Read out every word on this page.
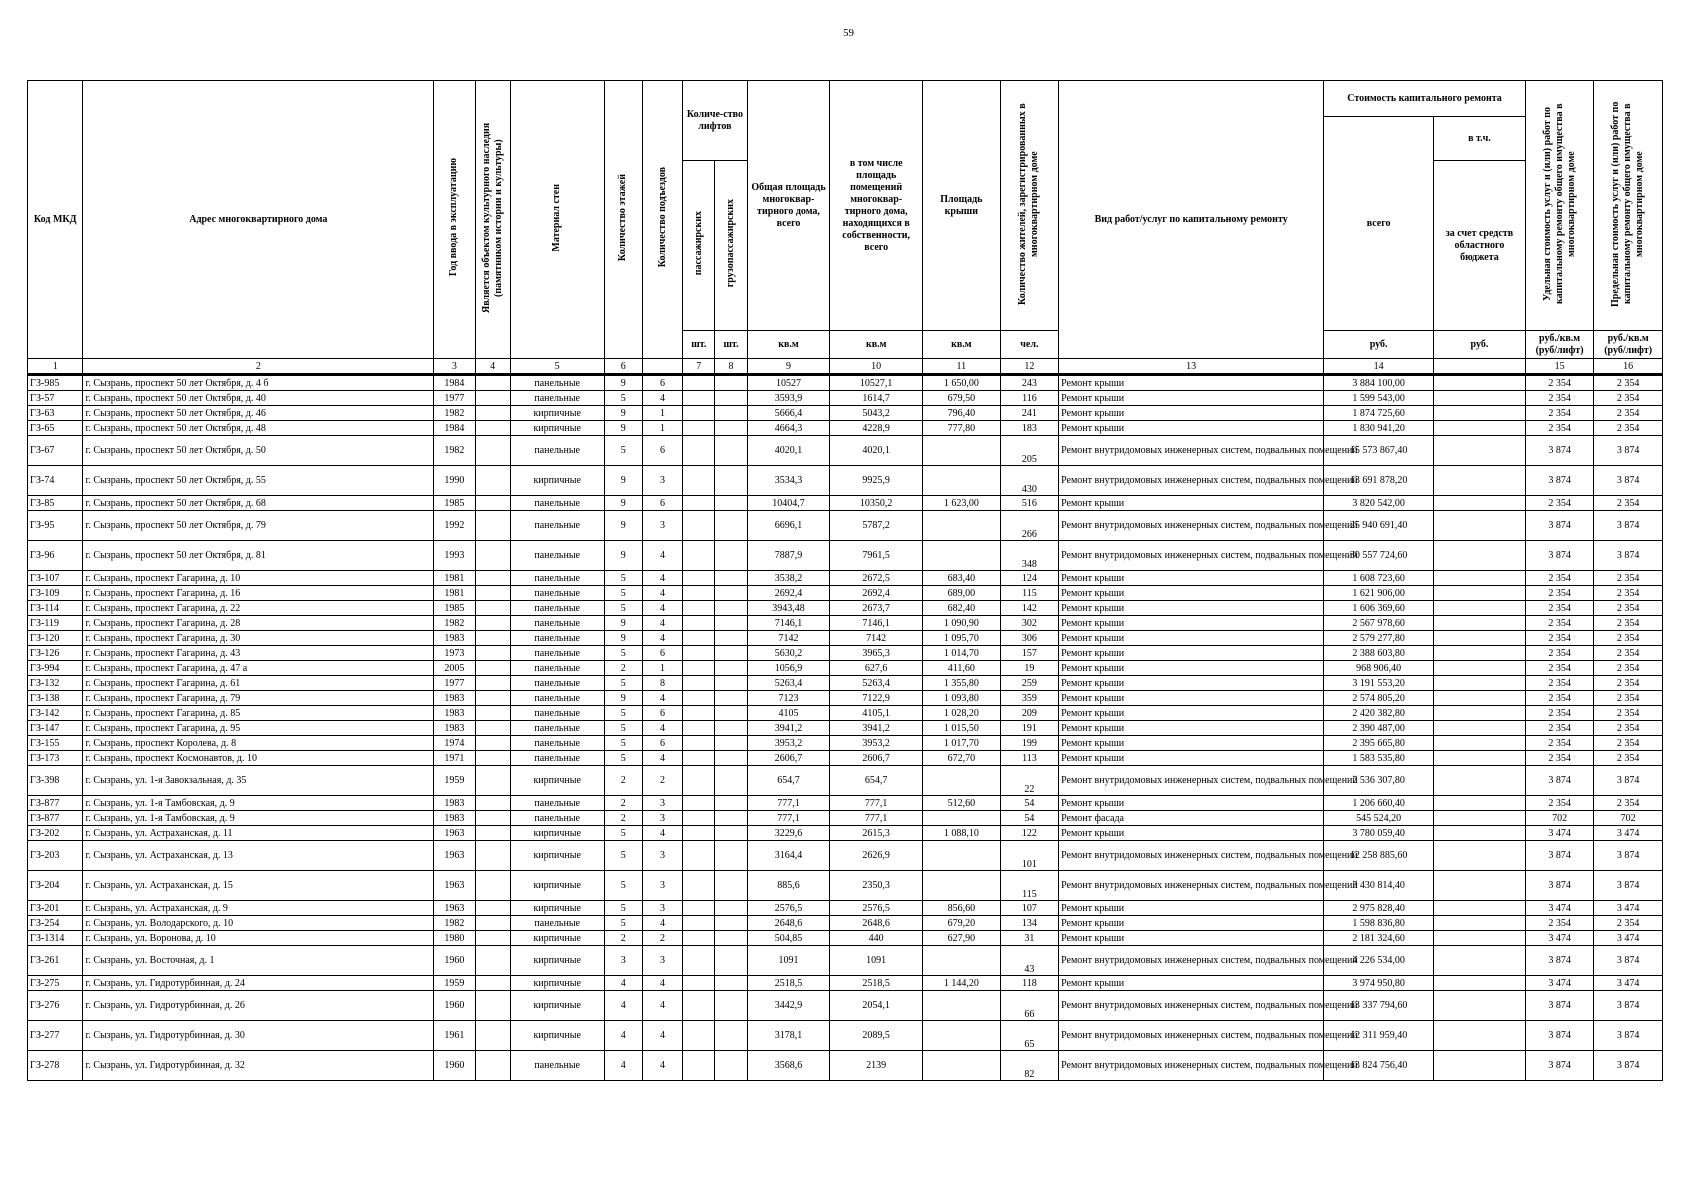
59
Код МКД	Адрес многоквартирного дома	Год ввода в эксплуатацию	Является объектом культурного наследия (памятником истории и культуры)	Материал стен	Количество этажей	Количество подъездов	Количе-ство лифтов		Общая площадь многоквар-тирного дома, всего	в том числе площадь помещений многоквар-тирного дома, находящихся в собственности, всего	Площадь крыши	Количество жителей, зарегистрированных в многоквартирном доме	Вид работ/услуг по капитальному ремонту	Стоимость капитального ремонта		Удельная стоимость услуг и (или) работ по капитальному ремонту общего имущества в многоквартирном доме	Предельная стоимость услуг и (или) работ по капитальному ремонту общего имущества в многоквартирном доме
														всего	в т.ч.		
							пассажирских	грузопассажирских							за счет средств областного бюджета		
							шт.	шт.	кв.м	кв.м	кв.м	чел.		руб.	руб.	руб./кв.м (руб/лифт)	руб./кв.м (руб/лифт)
1	2	3	4	5	6		7	8	9	10	11	12	13	14		15	16
ГЗ-985	г. Сызрань, проспект 50 лет Октября, д. 4 б	1984		панельные	9	6			10527	10527,1	1 650,00	243	Ремонт крыши	3 884 100,00		2 354	2 354
ГЗ-57	г. Сызрань, проспект 50 лет Октября, д. 40	1977		панельные	5	4			3593,9	1614,7	679,50	116	Ремонт крыши	1 599 543,00		2 354	2 354
ГЗ-63	г. Сызрань, проспект 50 лет Октября, д. 46	1982		кирпичные	9	1			5666,4	5043,2	796,40	241	Ремонт крыши	1 874 725,60		2 354	2 354
ГЗ-65	г. Сызрань, проспект 50 лет Октября, д. 48	1984		кирпичные	9	1			4664,3	4228,9	777,80	183	Ремонт крыши	1 830 941,20		2 354	2 354
ГЗ-67	г. Сызрань, проспект 50 лет Октября, д. 50	1982		панельные	5	6			4020,1	4020,1		205	Ремонт внутридомовых инженерных систем, подвальных помещений	15 573 867,40		3 874	3 874
ГЗ-74	г. Сызрань, проспект 50 лет Октября, д. 55	1990		кирпичные	9	3			3534,3	9925,9		430	Ремонт внутридомовых инженерных систем, подвальных помещений	13 691 878,20		3 874	3 874
ГЗ-85	г. Сызрань, проспект 50 лет Октября, д. 68	1985		панельные	9	6			10404,7	10350,2	1 623,00	516	Ремонт крыши	3 820 542,00		2 354	2 354
ГЗ-95	г. Сызрань, проспект 50 лет Октября, д. 79	1992		панельные	9	3			6696,1	5787,2		266	Ремонт внутридомовых инженерных систем, подвальных помещений	25 940 691,40		3 874	3 874
ГЗ-96	г. Сызрань, проспект 50 лет Октября, д. 81	1993		панельные	9	4			7887,9	7961,5		348	Ремонт внутридомовых инженерных систем, подвальных помещений	30 557 724,60		3 874	3 874
ГЗ-107	г. Сызрань, проспект Гагарина, д. 10	1981		панельные	5	4			3538,2	2672,5	683,40	124	Ремонт крыши	1 608 723,60		2 354	2 354
ГЗ-109	г. Сызрань, проспект Гагарина, д. 16	1981		панельные	5	4			2692,4	2692,4	689,00	115	Ремонт крыши	1 621 906,00		2 354	2 354
ГЗ-114	г. Сызрань, проспект Гагарина, д. 22	1985		панельные	5	4			3943,48	2673,7	682,40	142	Ремонт крыши	1 606 369,60		2 354	2 354
ГЗ-119	г. Сызрань, проспект Гагарина, д. 28	1982		панельные	9	4			7146,1	7146,1	1 090,90	302	Ремонт крыши	2 567 978,60		2 354	2 354
ГЗ-120	г. Сызрань, проспект Гагарина, д. 30	1983		панельные	9	4			7142	7142	1 095,70	306	Ремонт крыши	2 579 277,80		2 354	2 354
ГЗ-126	г. Сызрань, проспект Гагарина, д. 43	1973		панельные	5	6			5630,2	3965,3	1 014,70	157	Ремонт крыши	2 388 603,80		2 354	2 354
ГЗ-994	г. Сызрань, проспект Гагарина, д. 47 а	2005		панельные	2	1			1056,9	627,6	411,60	19	Ремонт крыши	968 906,40		2 354	2 354
ГЗ-132	г. Сызрань, проспект Гагарина, д. 61	1977		панельные	5	8			5263,4	5263,4	1 355,80	259	Ремонт крыши	3 191 553,20		2 354	2 354
ГЗ-138	г. Сызрань, проспект Гагарина, д. 79	1983		панельные	9	4			7123	7122,9	1 093,80	359	Ремонт крыши	2 574 805,20		2 354	2 354
ГЗ-142	г. Сызрань, проспект Гагарина, д. 85	1983		панельные	5	6			4105	4105,1	1 028,20	209	Ремонт крыши	2 420 382,80		2 354	2 354
ГЗ-147	г. Сызрань, проспект Гагарина, д. 95	1983		панельные	5	4			3941,2	3941,2	1 015,50	191	Ремонт крыши	2 390 487,00		2 354	2 354
ГЗ-155	г. Сызрань, проспект Королева, д. 8	1974		панельные	5	6			3953,2	3953,2	1 017,70	199	Ремонт крыши	2 395 665,80		2 354	2 354
ГЗ-173	г. Сызрань, проспект Космонавтов, д. 10	1971		панельные	5	4			2606,7	2606,7	672,70	113	Ремонт крыши	1 583 535,80		2 354	2 354
ГЗ-398	г. Сызрань, ул. 1-я Завокзальная, д. 35	1959		кирпичные	2	2			654,7	654,7		22	Ремонт внутридомовых инженерных систем, подвальных помещений	2 536 307,80		3 874	3 874
ГЗ-877	г. Сызрань, ул. 1-я Тамбовская, д. 9	1983		панельные	2	3			777,1	777,1	512,60	54	Ремонт крыши	1 206 660,40		2 354	2 354
ГЗ-877	г. Сызрань, ул. 1-я Тамбовская, д. 9	1983		панельные	2	3			777,1	777,1		54	Ремонт фасада	545 524,20		702	702
ГЗ-202	г. Сызрань, ул. Астраханская, д. 11	1963		кирпичные	5	4			3229,6	2615,3	1 088,10	122	Ремонт крыши	3 780 059,40		3 474	3 474
ГЗ-203	г. Сызрань, ул. Астраханская, д. 13	1963		кирпичные	5	3			3164,4	2626,9		101	Ремонт внутридомовых инженерных систем, подвальных помещений	12 258 885,60		3 874	3 874
ГЗ-204	г. Сызрань, ул. Астраханская, д. 15	1963		кирпичные	5	3			885,6	2350,3		115	Ремонт внутридомовых инженерных систем, подвальных помещений	3 430 814,40		3 874	3 874
ГЗ-201	г. Сызрань, ул. Астраханская, д. 9	1963		кирпичные	5	3			2576,5	2576,5	856,60	107	Ремонт крыши	2 975 828,40		3 474	3 474
ГЗ-254	г. Сызрань, ул. Володарского, д. 10	1982		панельные	5	4			2648,6	2648,6	679,20	134	Ремонт крыши	1 598 836,80		2 354	2 354
ГЗ-1314	г. Сызрань, ул. Воронова, д. 10	1980		кирпичные	2	2			504,85	440	627,90	31	Ремонт крыши	2 181 324,60		3 474	3 474
ГЗ-261	г. Сызрань, ул. Восточная, д. 1	1960		кирпичные	3	3			1091	1091		43	Ремонт внутридомовых инженерных систем, подвальных помещений	4 226 534,00		3 874	3 874
ГЗ-275	г. Сызрань, ул. Гидротурбинная, д. 24	1959		кирпичные	4	4			2518,5	2518,5	1 144,20	118	Ремонт крыши	3 974 950,80		3 474	3 474
ГЗ-276	г. Сызрань, ул. Гидротурбинная, д. 26	1960		кирпичные	4	4			3442,9	2054,1		66	Ремонт внутридомовых инженерных систем, подвальных помещений	13 337 794,60		3 874	3 874
ГЗ-277	г. Сызрань, ул. Гидротурбинная, д. 30	1961		кирпичные	4	4			3178,1	2089,5		65	Ремонт внутридомовых инженерных систем, подвальных помещений	12 311 959,40		3 874	3 874
ГЗ-278	г. Сызрань, ул. Гидротурбинная, д. 32	1960		панельные	4	4			3568,6	2139		82	Ремонт внутридомовых инженерных систем, подвальных помещений	13 824 756,40		3 874	3 874
